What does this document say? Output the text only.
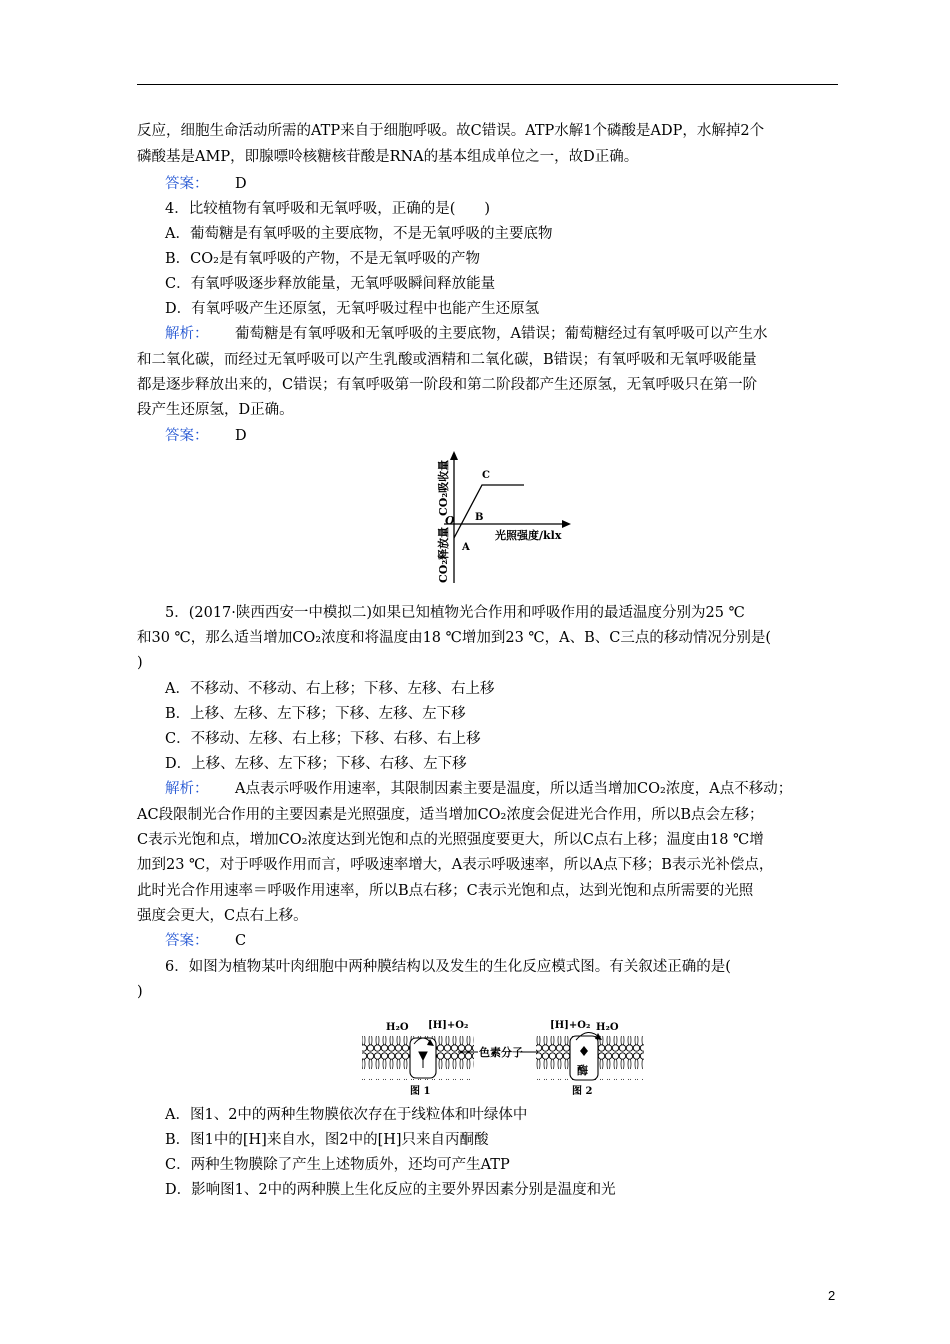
反应，细胞生命活动所需的ATP来自于细胞呼吸。故C错误。ATP水解1个磷酸是ADP，水解掉2个
磷酸基是AMP，即腺嘌呤核糖核苷酸是RNA的基本组成单位之一，故D正确。
答案： D
4．比较植物有氧呼吸和无氧呼吸，正确的是(　　)
A．葡萄糖是有氧呼吸的主要底物，不是无氧呼吸的主要底物
B．CO₂是有氧呼吸的产物，不是无氧呼吸的产物
C．有氧呼吸逐步释放能量，无氧呼吸瞬间释放能量
D．有氧呼吸产生还原氢，无氧呼吸过程中也能产生还原氢
解析： 葡萄糖是有氧呼吸和无氧呼吸的主要底物，A错误；葡萄糖经过有氧呼吸可以产生水
和二氧化碳，而经过无氧呼吸可以产生乳酸或酒精和二氧化碳，B错误；有氧呼吸和无氧呼吸能量
都是逐步释放出来的，C错误；有氧呼吸第一阶段和第二阶段都产生还原氢，无氧呼吸只在第一阶
段产生还原氢，D正确。
答案： D
CO₂吸收量
CO₂释放量	光照强度/klx
O
A
B
C
5．(2017·陕西西安一中模拟二)如果已知植物光合作用和呼吸作用的最适温度分别为25 ℃
和30 ℃，那么适当增加CO₂浓度和将温度由18 ℃增加到23 ℃，A、B、C三点的移动情况分别是(
)
A．不移动、不移动、右上移；下移、左移、右上移
B．上移、左移、左下移；下移、左移、左下移
C．不移动、左移、右上移；下移、右移、右上移
D．上移、左移、左下移；下移、右移、左下移
解析： A点表示呼吸作用速率，其限制因素主要是温度，所以适当增加CO₂浓度，A点不移动；
AC段限制光合作用的主要因素是光照强度，适当增加CO₂浓度会促进光合作用，所以B点会左移；
C表示光饱和点，增加CO₂浓度达到光饱和点的光照强度要更大，所以C点右上移；温度由18 ℃增
加到23 ℃，对于呼吸作用而言，呼吸速率增大，A表示呼吸速率，所以A点下移；B表示光补偿点，
此时光合作用速率＝呼吸作用速率，所以B点右移；C表示光饱和点，达到光饱和点所需要的光照
强度会更大，C点右上移。
答案： C
6．如图为植物某叶肉细胞中两种膜结构以及发生的生化反应模式图。有关叙述正确的是(
)
H₂O [H]+O₂
色素分子
酶
[H]+O₂ H₂O
图 1	图 2
A．图1、2中的两种生物膜依次存在于线粒体和叶绿体中
B．图1中的[H]来自水，图2中的[H]只来自丙酮酸
C．两种生物膜除了产生上述物质外，还均可产生ATP
D．影响图1、2中的两种膜上生化反应的主要外界因素分别是温度和光
2
